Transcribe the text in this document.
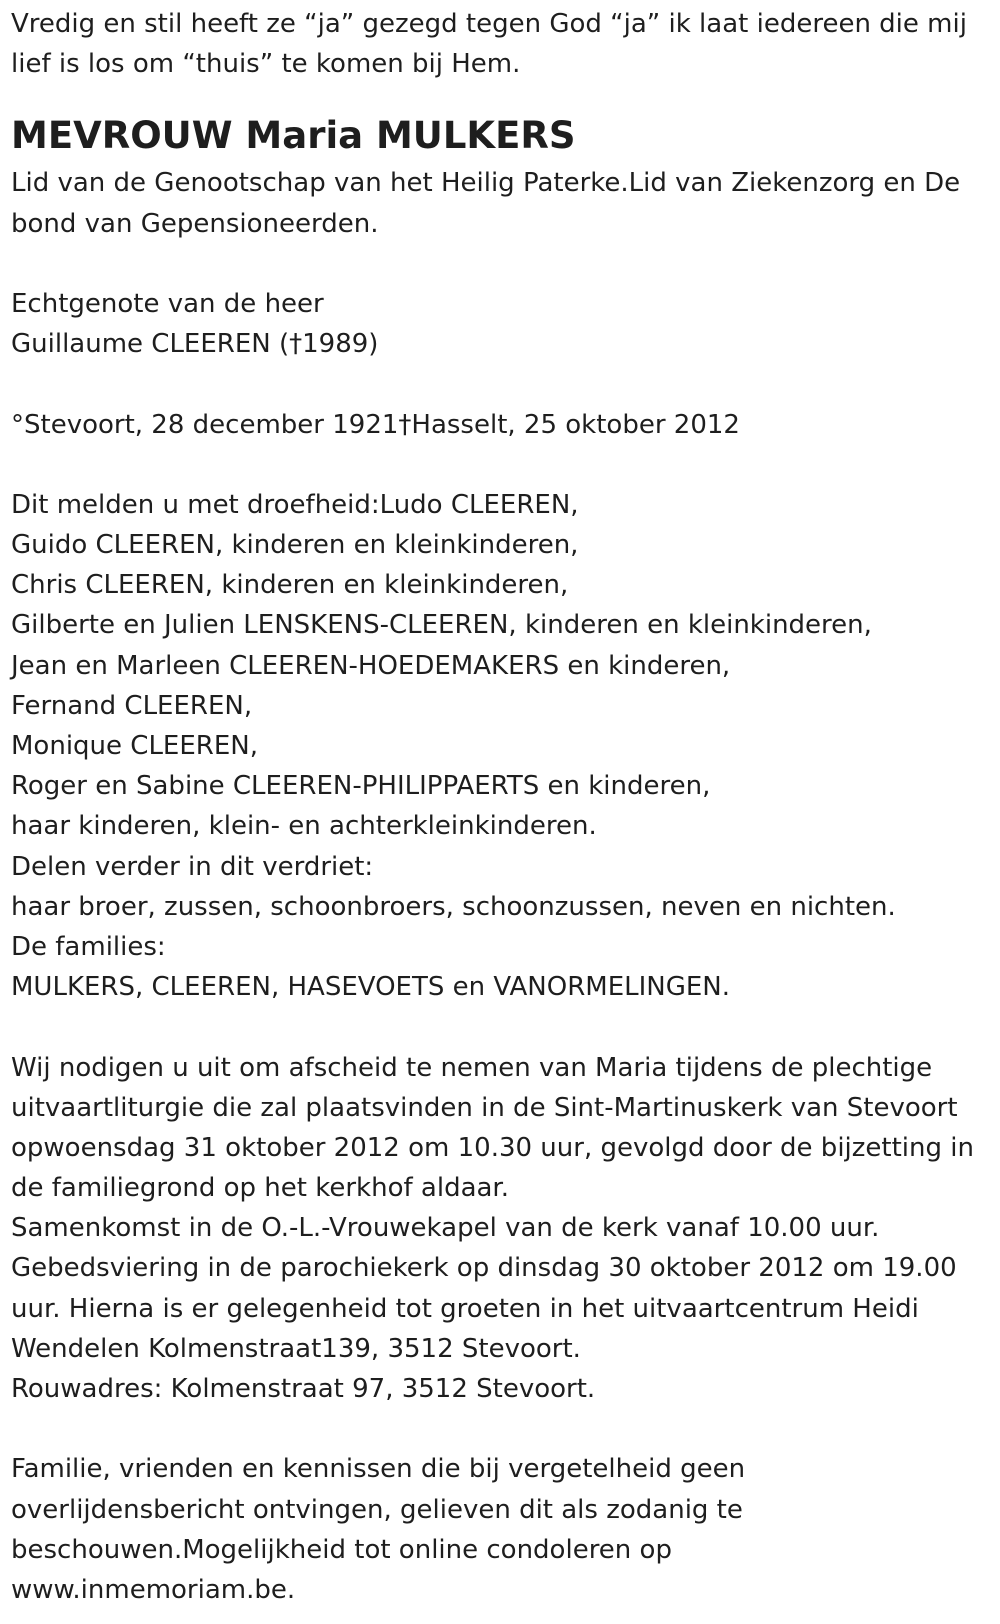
Vredig en stil heeft ze “ja” gezegd tegen God “ja” ik laat iedereen die mij
lief is los om “thuis” te komen bij Hem.
MEVROUW Maria MULKERS
Lid van de Genootschap van het Heilig Paterke.Lid van Ziekenzorg en De
bond van Gepensioneerden.
Echtgenote van de heer
Guillaume CLEEREN (†1989)
°Stevoort, 28 december 1921†Hasselt, 25 oktober 2012
Dit melden u met droefheid:Ludo CLEEREN,
Guido CLEEREN, kinderen en kleinkinderen,
Chris CLEEREN, kinderen en kleinkinderen,
Gilberte en Julien LENSKENS-CLEEREN, kinderen en kleinkinderen,
Jean en Marleen CLEEREN-HOEDEMAKERS en kinderen,
Fernand CLEEREN,
Monique CLEEREN,
Roger en Sabine CLEEREN-PHILIPPAERTS en kinderen,
haar kinderen, klein- en achterkleinkinderen.
Delen verder in dit verdriet:
haar broer, zussen, schoonbroers, schoonzussen, neven en nichten.
De families:
MULKERS, CLEEREN, HASEVOETS en VANORMELINGEN.
Wij nodigen u uit om afscheid te nemen van Maria tijdens de plechtige
uitvaartliturgie die zal plaatsvinden in de Sint-Martinuskerk van Stevoort
opwoensdag 31 oktober 2012 om 10.30 uur, gevolgd door de bijzetting in
de familiegrond op het kerkhof aldaar.
Samenkomst in de O.-L.-Vrouwekapel van de kerk vanaf 10.00 uur.
Gebedsviering in de parochiekerk op dinsdag 30 oktober 2012 om 19.00
uur. Hierna is er gelegenheid tot groeten in het uitvaartcentrum Heidi
Wendelen Kolmenstraat139, 3512 Stevoort.
Rouwadres: Kolmenstraat 97, 3512 Stevoort.
Familie, vrienden en kennissen die bij vergetelheid geen
overlijdensbericht ontvingen, gelieven dit als zodanig te
beschouwen.Mogelijkheid tot online condoleren op
www.inmemoriam.be.
